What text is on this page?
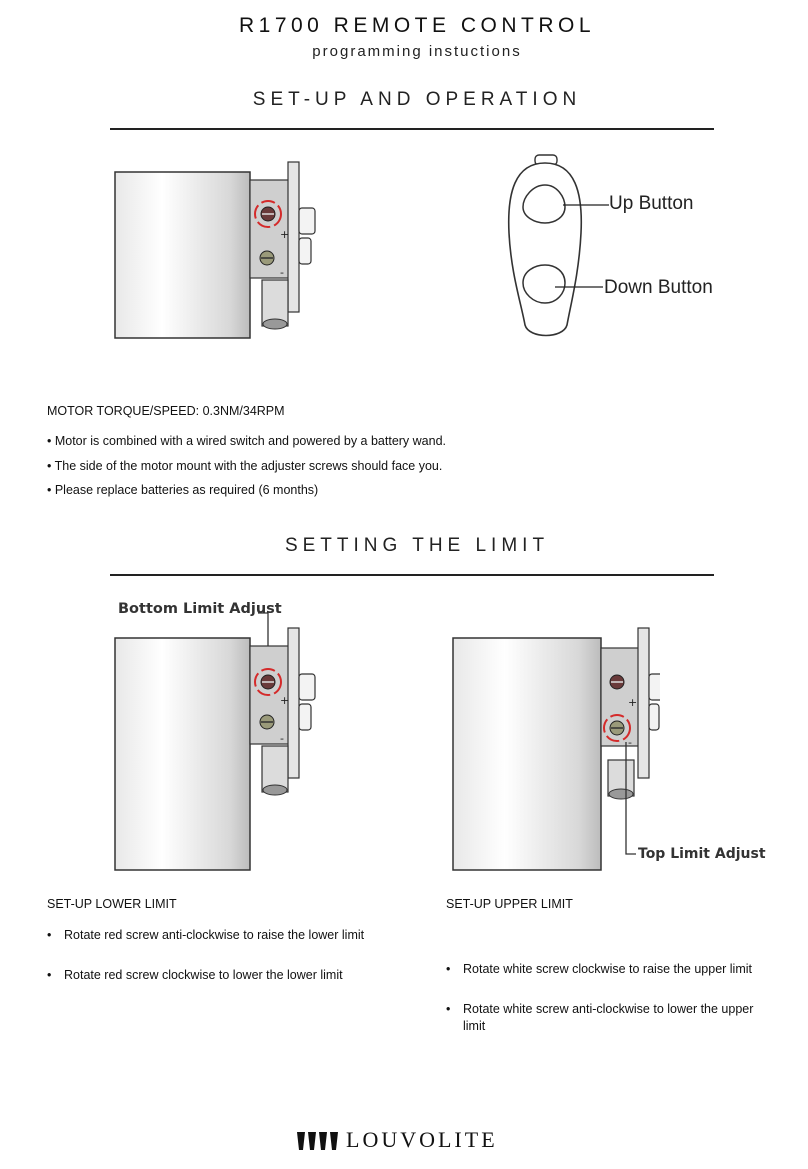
R1700 REMOTE CONTROL
programming instuctions
SET-UP AND OPERATION
+
-
Up Button
Down Button
MOTOR TORQUE/SPEED: 0.3NM/34RPM
• Motor is combined with a wired switch and powered by a battery wand.
• The side of the motor mount with the adjuster screws should face you.
• Please replace batteries as required (6 months)
SETTING THE LIMIT
Bottom Limit Adjust
+
-
+
-
Top Limit Adjust
SET-UP LOWER LIMIT
• Rotate red screw anti-clockwise to raise the lower limit
• Rotate red screw clockwise to lower the lower limit
SET-UP UPPER LIMIT
• Rotate white screw clockwise to raise the upper limit
• Rotate white screw anti-clockwise to lower the upper limit
LOUVOLITE
